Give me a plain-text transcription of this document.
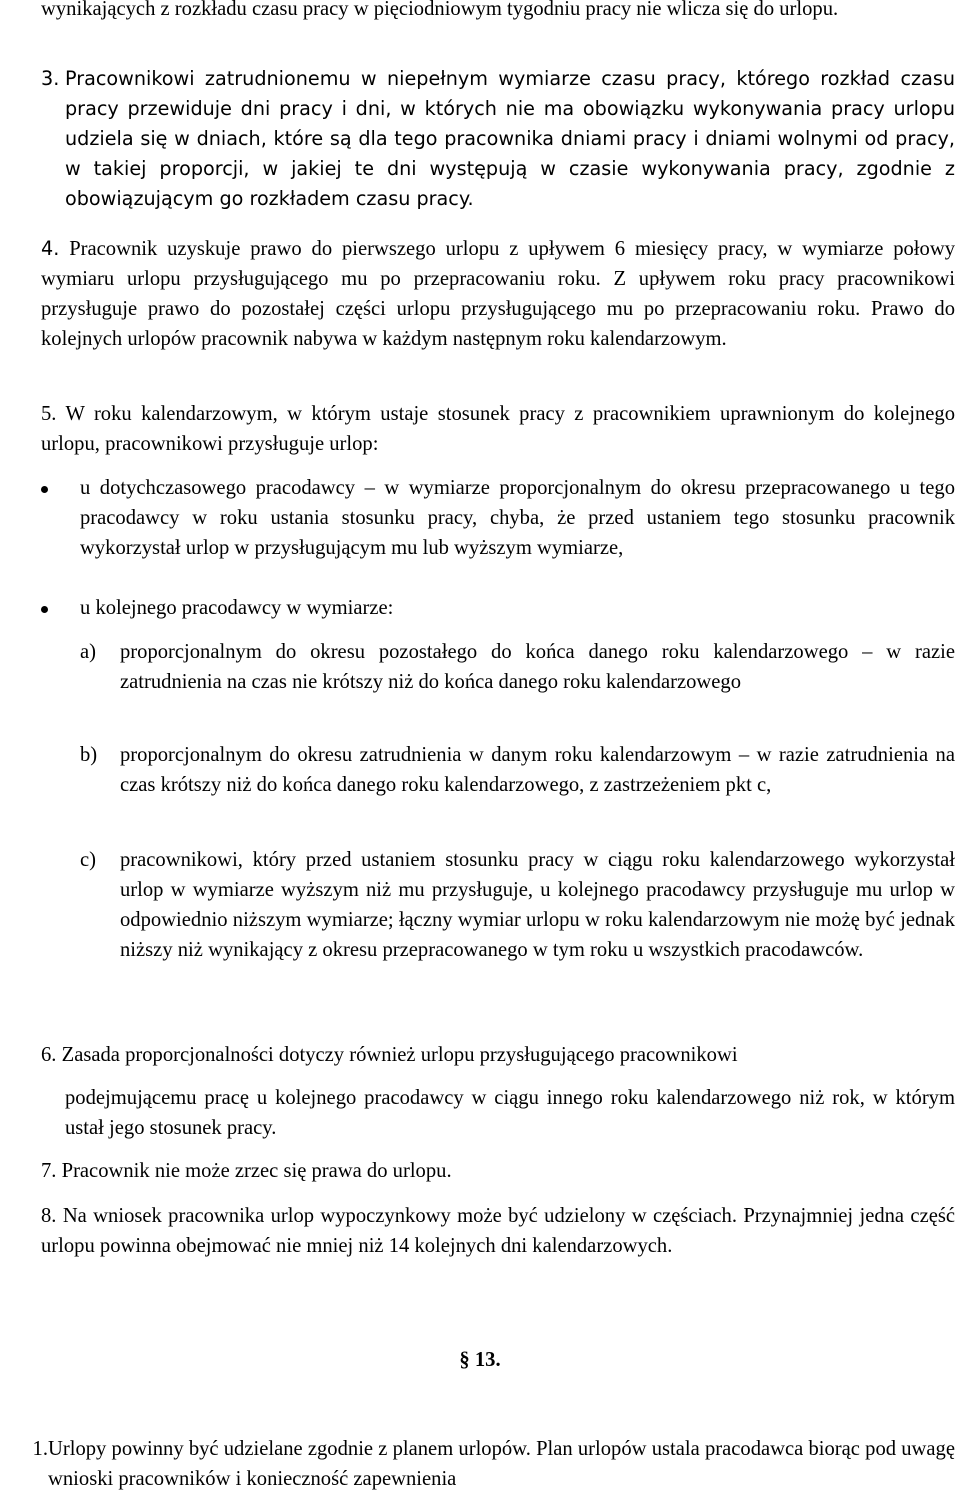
wynikających z rozkładu czasu pracy w pięciodniowym tygodniu pracy nie wlicza się do urlopu.

3. Pracownikowi zatrudnionemu w niepełnym wymiarze czasu pracy, którego rozkład czasu pracy przewiduje dni pracy i dni, w których nie ma obowiązku wykonywania pracy urlopu udziela się w dniach, które są dla tego pracownika dniami pracy i dniami wolnymi od pracy, w takiej proporcji, w jakiej te dni występują w czasie wykonywania pracy, zgodnie z obowiązującym go rozkładem czasu pracy.
4. Pracownik uzyskuje prawo do pierwszego urlopu z upływem 6 miesięcy pracy, w wymiarze połowy wymiaru urlopu przysługującego mu po przepracowaniu roku. Z upływem roku pracy pracownikowi przysługuje prawo do pozostałej części urlopu przysługującego mu po przepracowaniu roku. Prawo do kolejnych urlopów pracownik nabywa w każdym następnym roku kalendarzowym.
5. W roku kalendarzowym, w którym ustaje stosunek pracy z pracownikiem uprawnionym do kolejnego urlopu, pracownikowi przysługuje urlop:

u dotychczasowego pracodawcy – w wymiarze proporcjonalnym do okresu przepracowanego u tego pracodawcy w roku ustania stosunku pracy, chyba, że przed ustaniem tego stosunku pracownik wykorzystał urlop w przysługującym mu lub wyższym wymiarze,

u kolejnego pracodawcy w wymiarze:

a)	proporcjonalnym do okresu pozostałego do końca danego roku kalendarzowego – w razie zatrudnienia na czas nie krótszy niż do końca danego roku kalendarzowego
b)	proporcjonalnym do okresu zatrudnienia w danym roku kalendarzowym – w razie zatrudnienia na czas krótszy niż do końca danego roku kalendarzowego, z zastrzeżeniem pkt c,
c)	pracownikowi, który przed ustaniem stosunku pracy w ciągu roku kalendarzowego wykorzystał urlop w wymiarze wyższym niż mu przysługuje, u kolejnego pracodawcy przysługuje mu urlop w odpowiednio niższym wymiarze; łączny wymiar urlopu w roku kalendarzowym nie możę być jednak niższy niż wynikający z okresu przepracowanego w tym roku u wszystkich pracodawców.

6. Zasada proporcjonalności dotyczy również urlopu przysługującego pracownikowi

podejmującemu pracę u kolejnego pracodawcy w ciągu innego roku kalendarzowego niż rok, w którym ustał jego stosunek pracy.

7. Pracownik nie może zrzec się prawa do urlopu.

8. Na wniosek pracownika urlop wypoczynkowy może być udzielony w częściach. Przynajmniej jedna część urlopu powinna obejmować nie mniej niż 14 kolejnych dni kalendarzowych.

§ 13.
1. Urlopy powinny być udzielane zgodnie z planem urlopów. Plan urlopów ustala pracodawca biorąc pod uwagę wnioski pracowników i konieczność zapewnienia
